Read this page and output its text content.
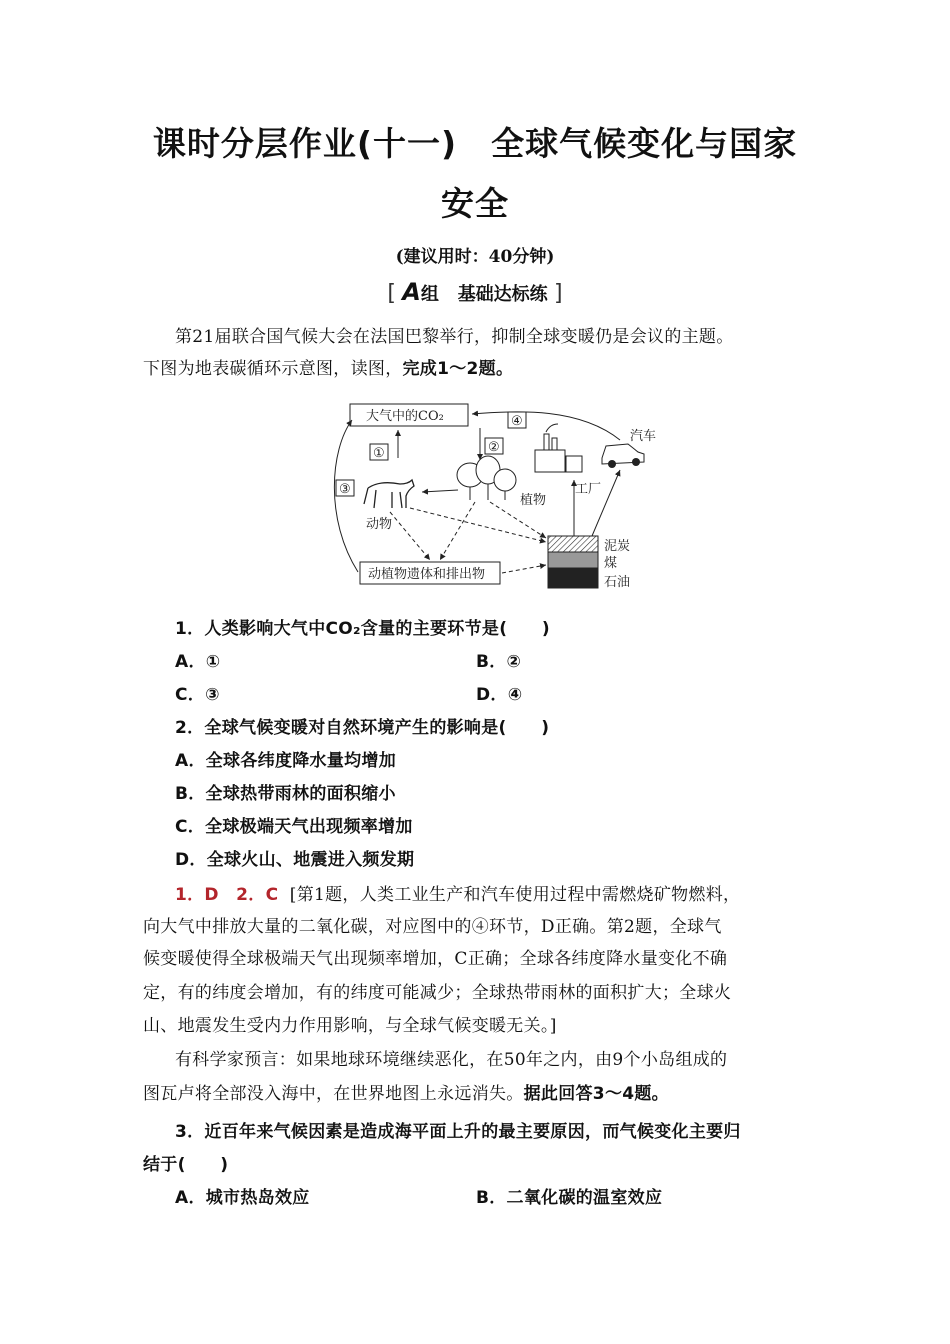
课时分层作业(十一)　全球气候变化与国家
安全
(建议用时：40分钟)
[ A组 基础达标练 ]
第21届联合国气候大会在法国巴黎举行，抑制全球变暖仍是会议的主题。
下图为地表碳循环示意图，读图，完成1～2题。
大气中的CO₂
①	②
④
③
植物
动物
工厂
汽车
泥炭
煤
石油
动植物遗体和排出物
1．人类影响大气中CO₂含量的主要环节是(　　)
A．①	B．②
C．③	D．④
2．全球气候变暖对自然环境产生的影响是(　　)
A．全球各纬度降水量均增加
B．全球热带雨林的面积缩小
C．全球极端天气出现频率增加
D．全球火山、地震进入频发期
1．D　2．C [第1题，人类工业生产和汽车使用过程中需燃烧矿物燃料，
向大气中排放大量的二氧化碳，对应图中的④环节，D正确。第2题，全球气
候变暖使得全球极端天气出现频率增加，C正确；全球各纬度降水量变化不确
定，有的纬度会增加，有的纬度可能减少；全球热带雨林的面积扩大；全球火
山、地震发生受内力作用影响，与全球气候变暖无关。]
有科学家预言：如果地球环境继续恶化，在50年之内，由9个小岛组成的
图瓦卢将全部没入海中，在世界地图上永远消失。据此回答3～4题。
3．近百年来气候因素是造成海平面上升的最主要原因，而气候变化主要归
结于(　　)
A．城市热岛效应	B．二氧化碳的温室效应
